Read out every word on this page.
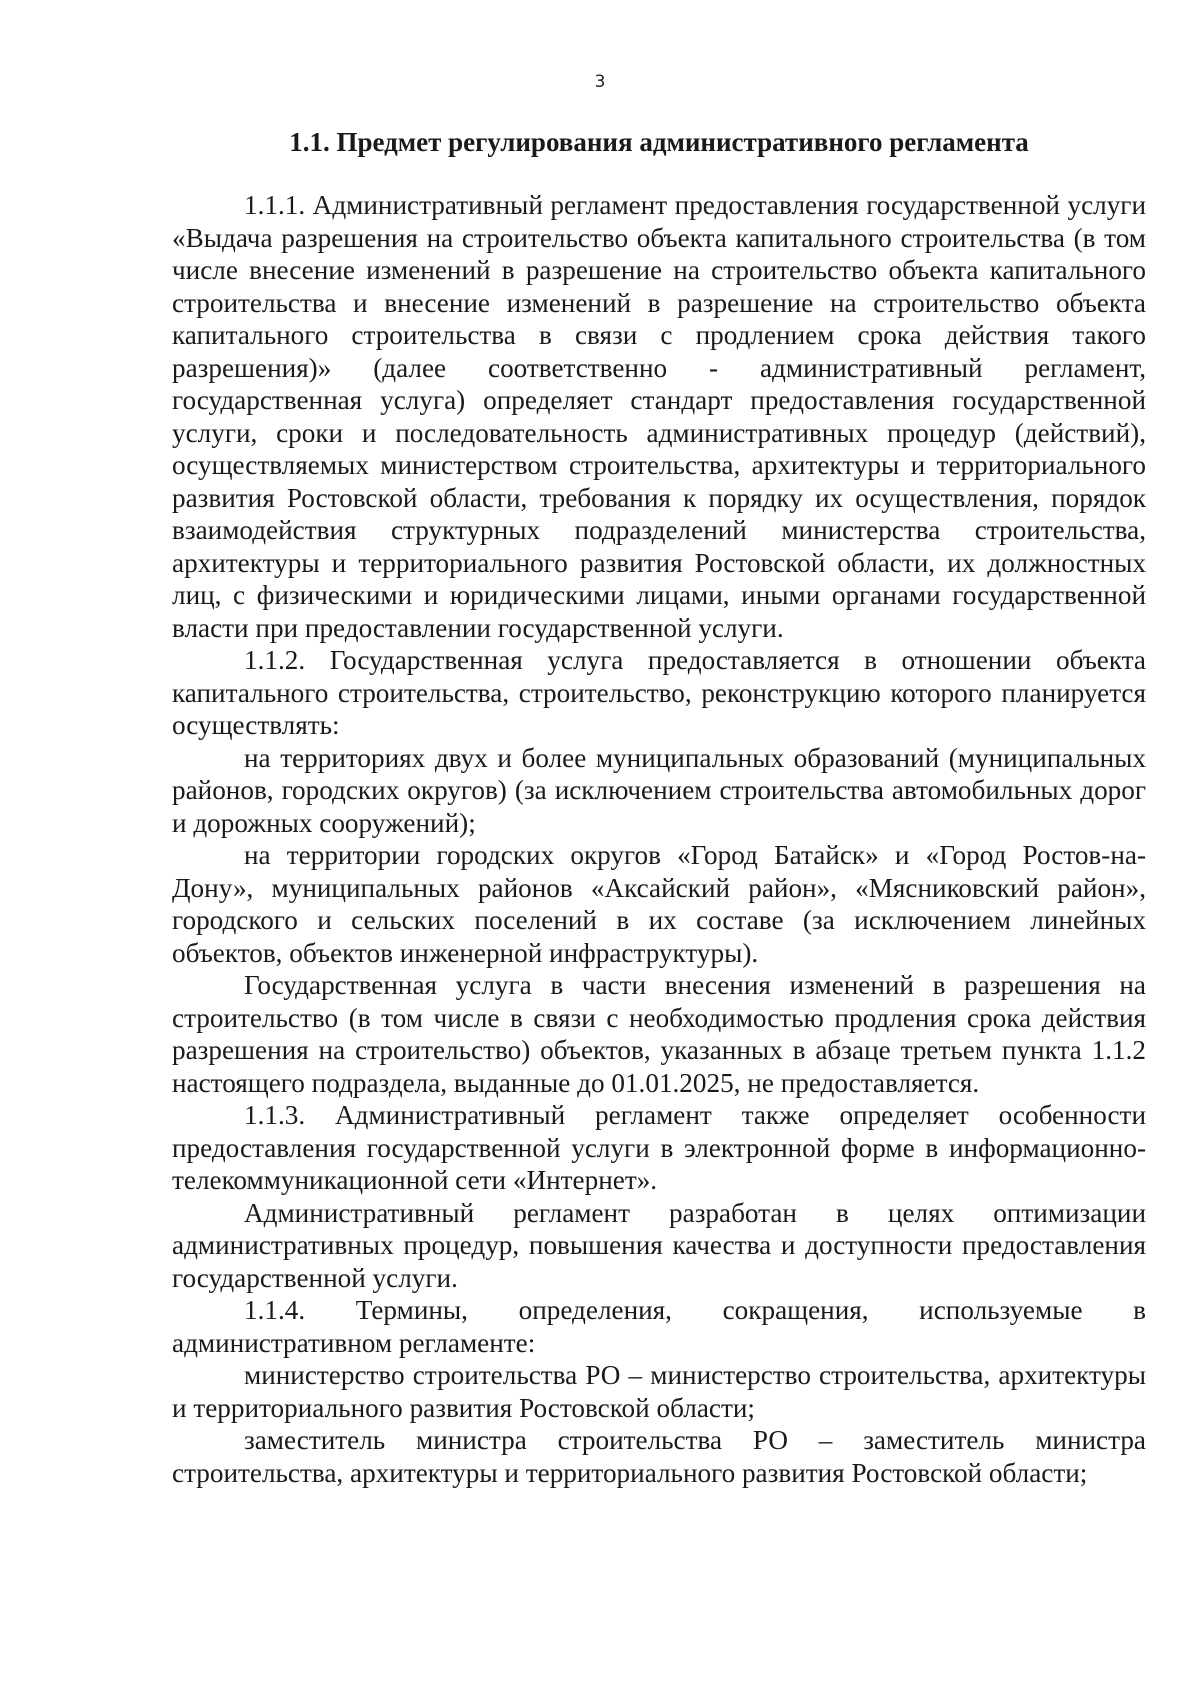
3
1.1. Предмет регулирования административного регламента

1.1.1. Административный регламент предоставления государственной услуги «Выдача разрешения на строительство объекта капитального строительства (в том числе внесение изменений в разрешение на строительство объекта капитального строительства и внесение изменений в разрешение на строительство объекта капитального строительства в связи с продлением срока действия такого разрешения)» (далее соответственно - административный регламент, государственная услуга) определяет стандарт предоставления государственной услуги, сроки и последовательность административных процедур (действий), осуществляемых министерством строительства, архитектуры и территориального развития Ростовской области, требования к порядку их осуществления, порядок взаимодействия структурных подразделений министерства строительства, архитектуры и территориального развития Ростовской области, их должностных лиц, с физическими и юридическими лицами, иными органами государственной власти при предоставлении государственной услуги.

1.1.2. Государственная услуга предоставляется в отношении объекта капитального строительства, строительство, реконструкцию которого планируется осуществлять:

на территориях двух и более муниципальных образований (муниципальных районов, городских округов) (за исключением строительства автомобильных дорог и дорожных сооружений);

на территории городских округов «Город Батайск» и «Город Ростов-на-Дону», муниципальных районов «Аксайский район», «Мясниковский район», городского и сельских поселений в их составе (за исключением линейных объектов, объектов инженерной инфраструктуры).

Государственная услуга в части внесения изменений в разрешения на строительство (в том числе в связи с необходимостью продления срока действия разрешения на строительство) объектов, указанных в абзаце третьем пункта 1.1.2 настоящего подраздела, выданные до 01.01.2025, не предоставляется.

1.1.3. Административный регламент также определяет особенности предоставления государственной услуги в электронной форме в информационно-телекоммуникационной сети «Интернет».

Административный регламент разработан в целях оптимизации административных процедур, повышения качества и доступности предоставления государственной услуги.

1.1.4. Термины, определения, сокращения, используемые в административном регламенте:

министерство строительства РО – министерство строительства, архитектуры и территориального развития Ростовской области;

заместитель министра строительства РО – заместитель министра строительства, архитектуры и территориального развития Ростовской области;
